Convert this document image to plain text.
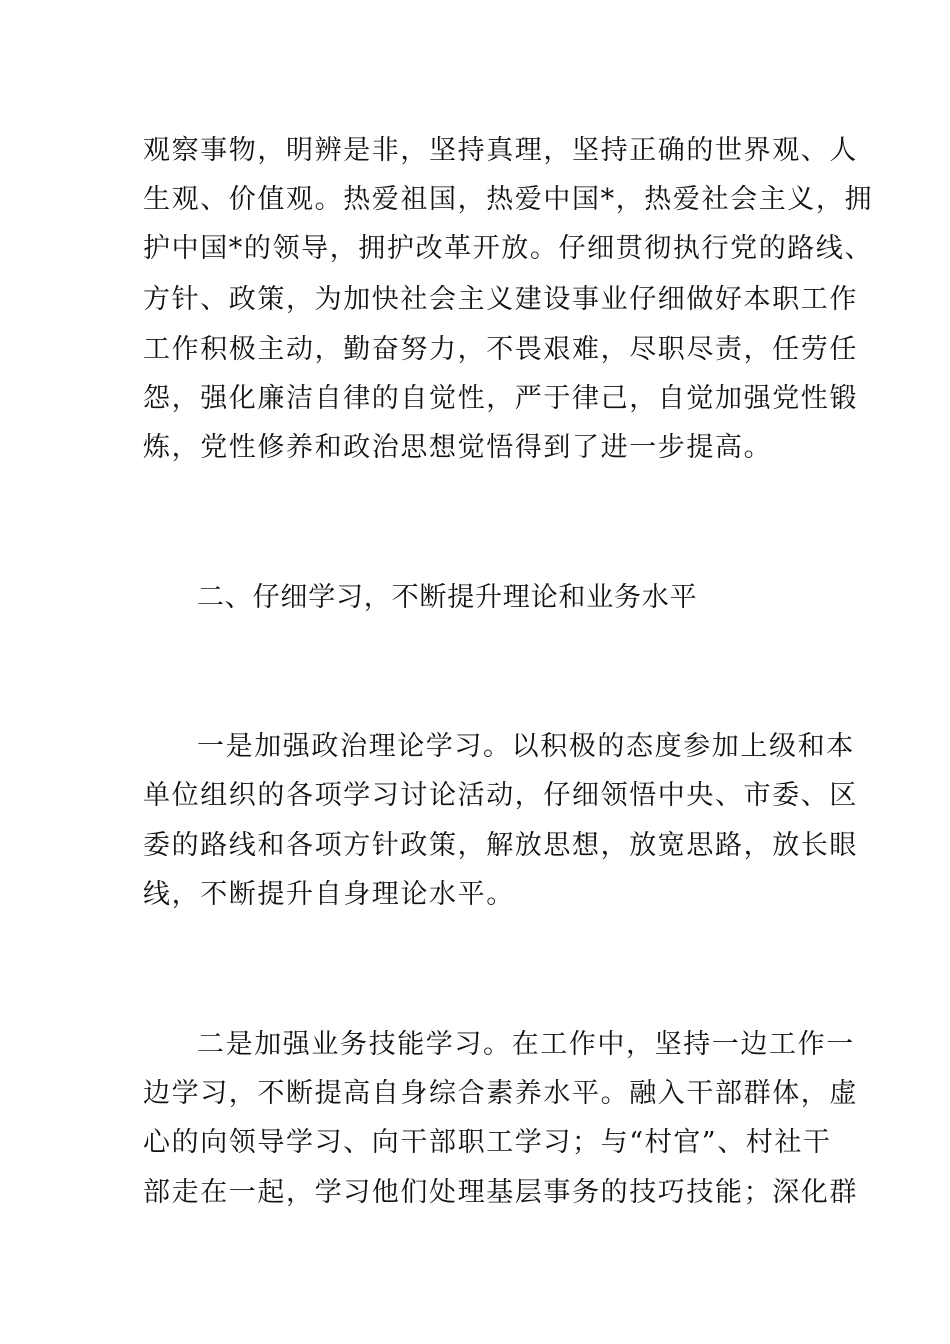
观察事物，明辨是非，坚持真理，坚持正确的世界观、人
生观、价值观。热爱祖国，热爱中国*，热爱社会主义，拥
护中国*的领导，拥护改革开放。仔细贯彻执行党的路线、
方针、政策，为加快社会主义建设事业仔细做好本职工作
工作积极主动，勤奋努力，不畏艰难，尽职尽责，任劳任
怨，强化廉洁自律的自觉性，严于律己，自觉加强党性锻
炼，党性修养和政治思想觉悟得到了进一步提高。
二、仔细学习，不断提升理论和业务水平
一是加强政治理论学习。以积极的态度参加上级和本
单位组织的各项学习讨论活动，仔细领悟中央、市委、区
委的路线和各项方针政策，解放思想，放宽思路，放长眼
线，不断提升自身理论水平。
二是加强业务技能学习。在工作中，坚持一边工作一
边学习，不断提高自身综合素养水平。融入干部群体，虚
心的向领导学习、向干部职工学习；与“村官”、村社干
部走在一起，学习他们处理基层事务的技巧技能；深化群
